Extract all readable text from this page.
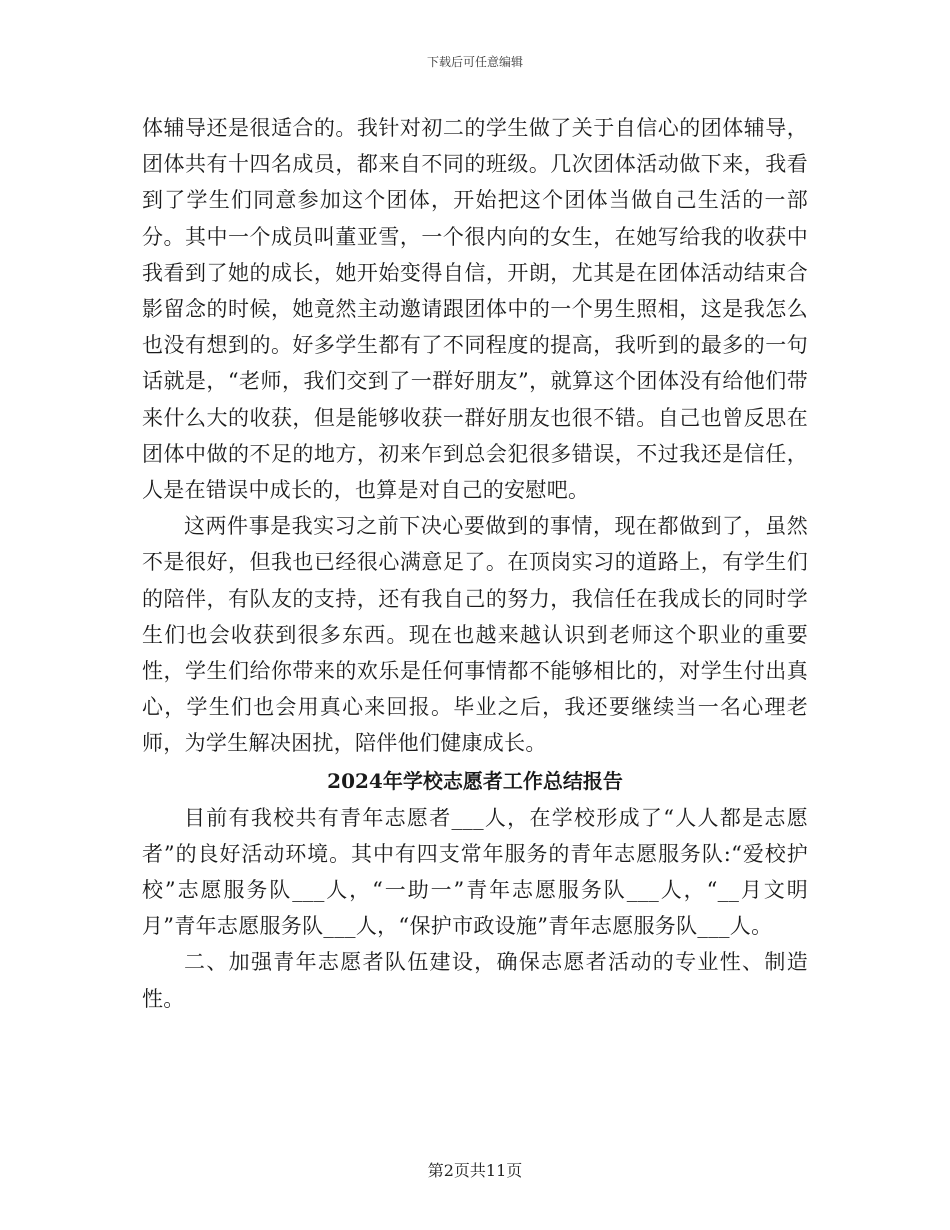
下载后可任意编辑

体辅导还是很适合的。我针对初二的学生做了关于自信心的团体辅导，团体共有十四名成员，都来自不同的班级。几次团体活动做下来，我看到了学生们同意参加这个团体，开始把这个团体当做自己生活的一部分。其中一个成员叫董亚雪，一个很内向的女生，在她写给我的收获中我看到了她的成长，她开始变得自信，开朗，尤其是在团体活动结束合影留念的时候，她竟然主动邀请跟团体中的一个男生照相，这是我怎么也没有想到的。好多学生都有了不同程度的提高，我听到的最多的一句话就是，“老师，我们交到了一群好朋友”，就算这个团体没有给他们带来什么大的收获，但是能够收获一群好朋友也很不错。自己也曾反思在团体中做的不足的地方，初来乍到总会犯很多错误，不过我还是信任，人是在错误中成长的，也算是对自己的安慰吧。

这两件事是我实习之前下决心要做到的事情，现在都做到了，虽然不是很好，但我也已经很心满意足了。在顶岗实习的道路上，有学生们的陪伴，有队友的支持，还有我自己的努力，我信任在我成长的同时学生们也会收获到很多东西。现在也越来越认识到老师这个职业的重要性，学生们给你带来的欢乐是任何事情都不能够相比的，对学生付出真心，学生们也会用真心来回报。毕业之后，我还要继续当一名心理老师，为学生解决困扰，陪伴他们健康成长。

2024年学校志愿者工作总结报告

目前有我校共有青年志愿者___人，在学校形成了“人人都是志愿者”的良好活动环境。其中有四支常年服务的青年志愿服务队:“爱校护校”志愿服务队___人，“一助一”青年志愿服务队___人，“__月文明月”青年志愿服务队___人，“保护市政设施”青年志愿服务队___人。

二、加强青年志愿者队伍建设，确保志愿者活动的专业性、制造性。

第2页共11页
